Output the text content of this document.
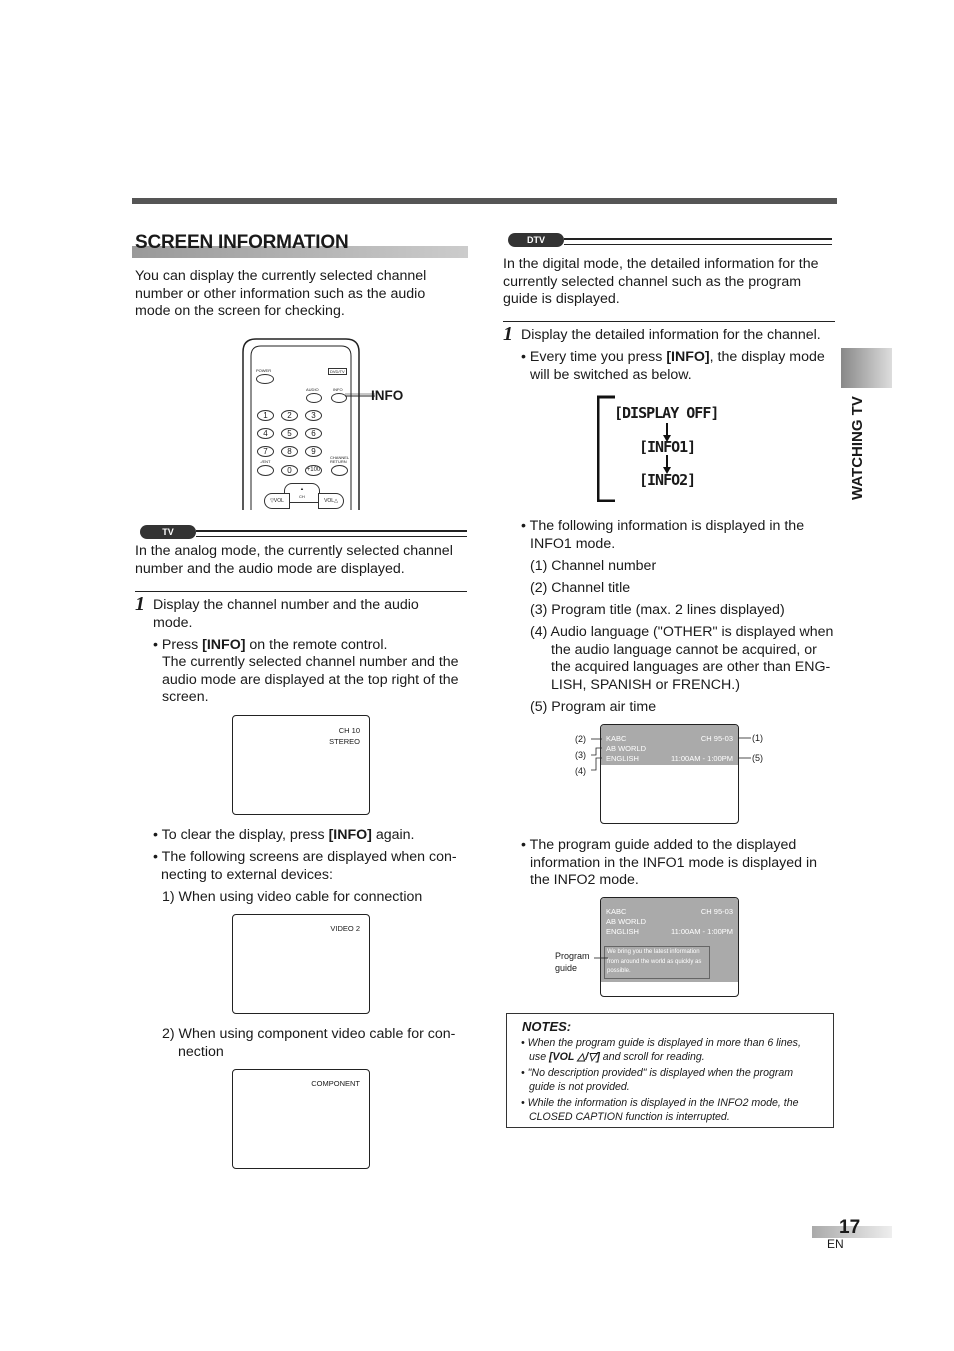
SCREEN INFORMATION
WATCHING TV
You can display the currently selected channel number or other information such as the audio mode on the screen for checking.
POWER	DVD/TV
AUDIO	INFO
1	2	3
4	5	6
7	8	9
-/ENT
CHANNEL RETURN
0	+100
▲
CH
▽VOL	VOL△
INFO
TV
In the analog mode, the currently selected channel number and the audio mode are displayed.
1 Display the channel number and the audio mode.
• Press [INFO] on the remote control.
The currently selected channel number and the audio mode are displayed at the top right of the screen.
CH 10
STEREO
• To clear the display, press [INFO] again.
• The following screens are displayed when con-necting to external devices:
1) When using video cable for connection
VIDEO 2
2) When using component video cable for con-nection
COMPONENT
DTV
In the digital mode, the detailed information for the currently selected channel such as the program guide is displayed.
1 Display the detailed information for the channel.
• Every time you press [INFO], the display mode will be switched as below.
[DISPLAY OFF]
[INFO1]
[INFO2]
• The following information is displayed in the INFO1 mode.
(1) Channel number
(2) Channel title
(3) Program title (max. 2 lines displayed)
(4) Audio language ("OTHER" is displayed when the audio language cannot be acquired, or the acquired languages are other than ENG-LISH, SPANISH or FRENCH.)
(5) Program air time
KABC
AB WORLD
ENGLISH
CH 95-03
11:00AM - 1:00PM
(2)
(3)
(4)
(1)
(5)
• The program guide added to the displayed information in the INFO1 mode is displayed in the INFO2 mode.
KABC
AB WORLD
ENGLISH
CH 95-03
11:00AM - 1:00PM
We bring you the latest information from around the world as quickly as possible.
Program
guide
NOTES:
• When the program guide is displayed in more than 6 lines,
use [VOL △/▽] and scroll for reading.
• "No description provided" is displayed when the program
guide is not provided.
• While the information is displayed in the INFO2 mode, the
CLOSED CAPTION function is interrupted.
17
EN
